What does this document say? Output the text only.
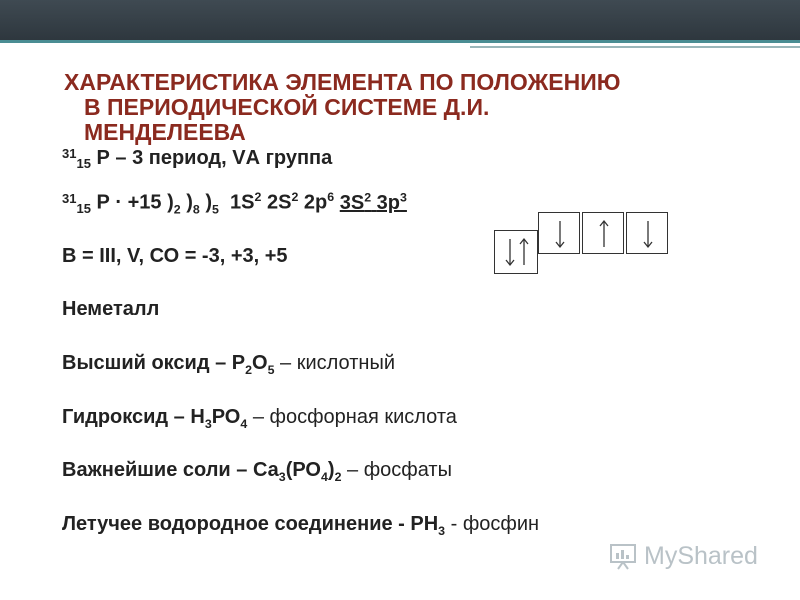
ХАРАКТЕРИСТИКА ЭЛЕМЕНТА ПО ПОЛОЖЕНИЮ
В ПЕРИОДИЧЕСКОЙ СИСТЕМЕ Д.И.
МЕНДЕЛЕЕВА
$^{31}_{15}$ Р – 3 период, VА группа
$^{31}_{15}$ Р · +15 )$_2$ )$_8$ )$_5$ $1S^2$ $2S^2$ $2p^6$ $3S^2$ $3p^3$
В = III, V, СО = -3, +3, +5
Неметалл
Высший оксид – $Р_2О_5$ – кислотный
Гидроксид – $Н_3РО_4$ – фосфорная кислота
Важнейшие соли – $Са_3(РО_4)_2$ – фосфаты
Летучее водородное соединение - $РН_3$ - фосфин
MyShared
